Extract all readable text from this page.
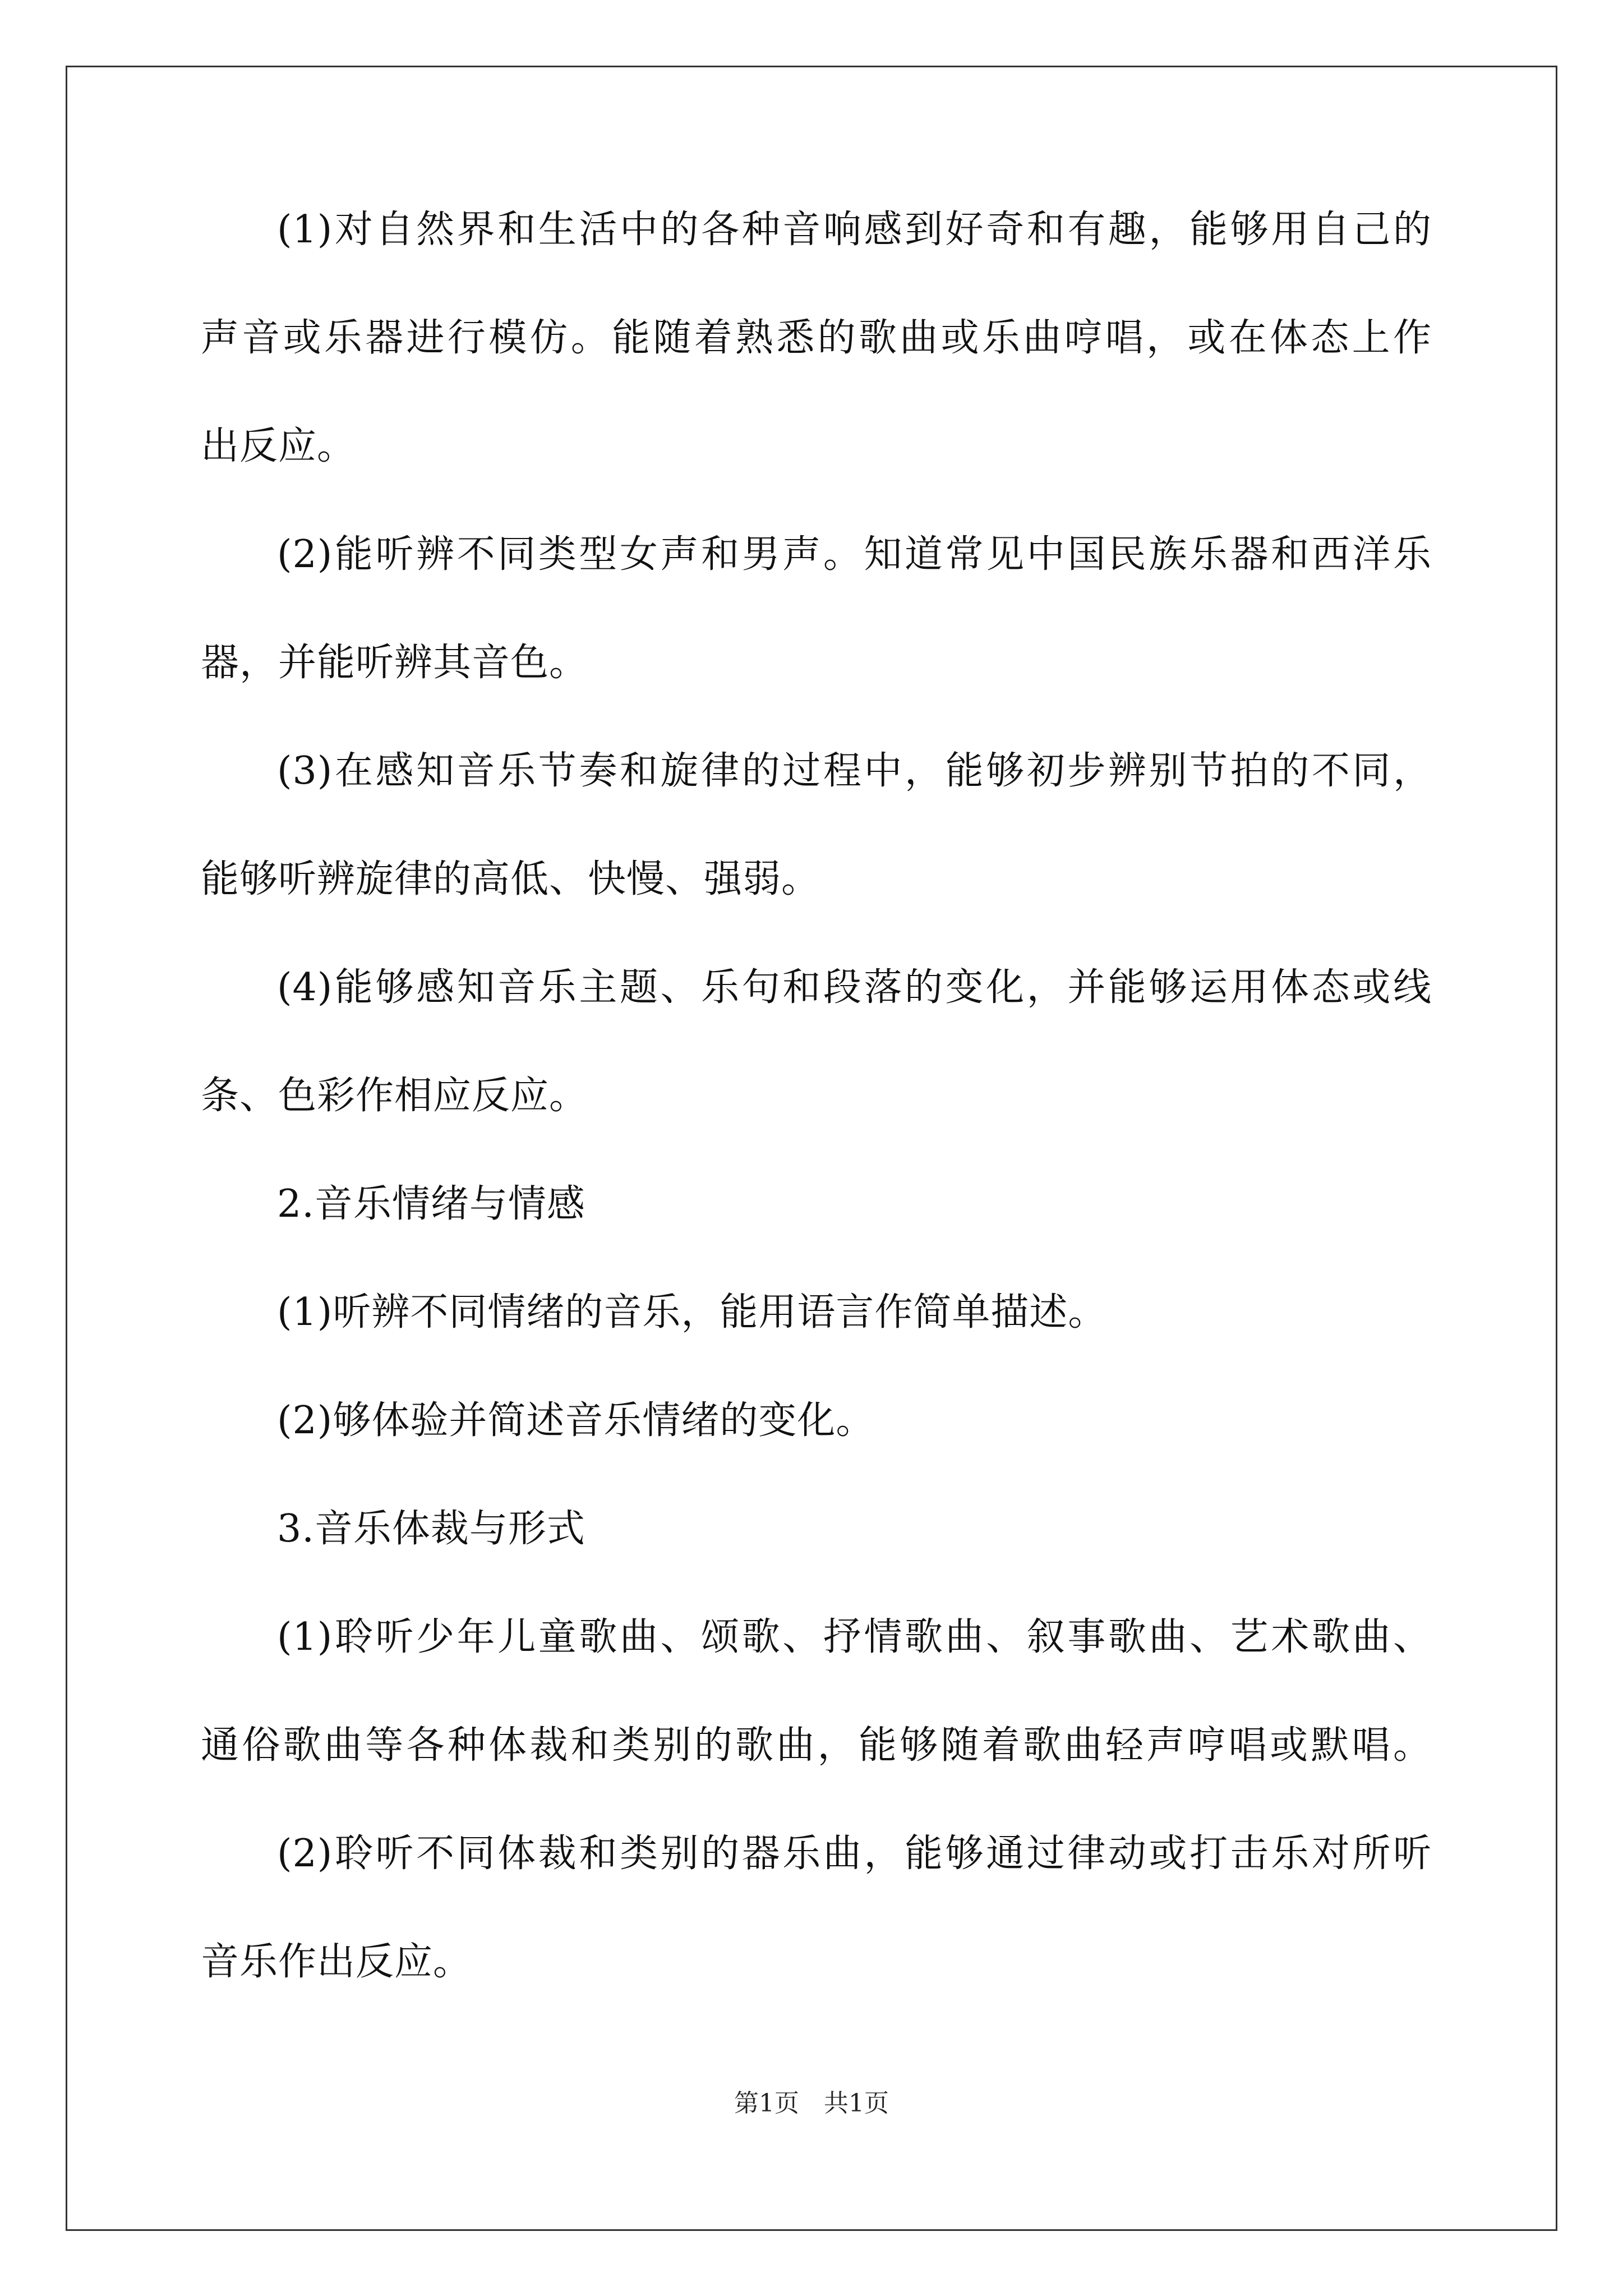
(1)对自然界和生活中的各种音响感到好奇和有趣，能够用自己的
声音或乐器进行模仿。能随着熟悉的歌曲或乐曲哼唱，或在体态上作
出反应。
(2)能听辨不同类型女声和男声。知道常见中国民族乐器和西洋乐
器，并能听辨其音色。
(3)在感知音乐节奏和旋律的过程中，能够初步辨别节拍的不同，
能够听辨旋律的高低、快慢、强弱。
(4)能够感知音乐主题、乐句和段落的变化，并能够运用体态或线
条、色彩作相应反应。
2.音乐情绪与情感
(1)听辨不同情绪的音乐，能用语言作简单描述。
(2)够体验并简述音乐情绪的变化。
3.音乐体裁与形式
(1)聆听少年儿童歌曲、颂歌、抒情歌曲、叙事歌曲、艺术歌曲、
通俗歌曲等各种体裁和类别的歌曲，能够随着歌曲轻声哼唱或默唱。
(2)聆听不同体裁和类别的器乐曲，能够通过律动或打击乐对所听
音乐作出反应。
第1页　共1页
